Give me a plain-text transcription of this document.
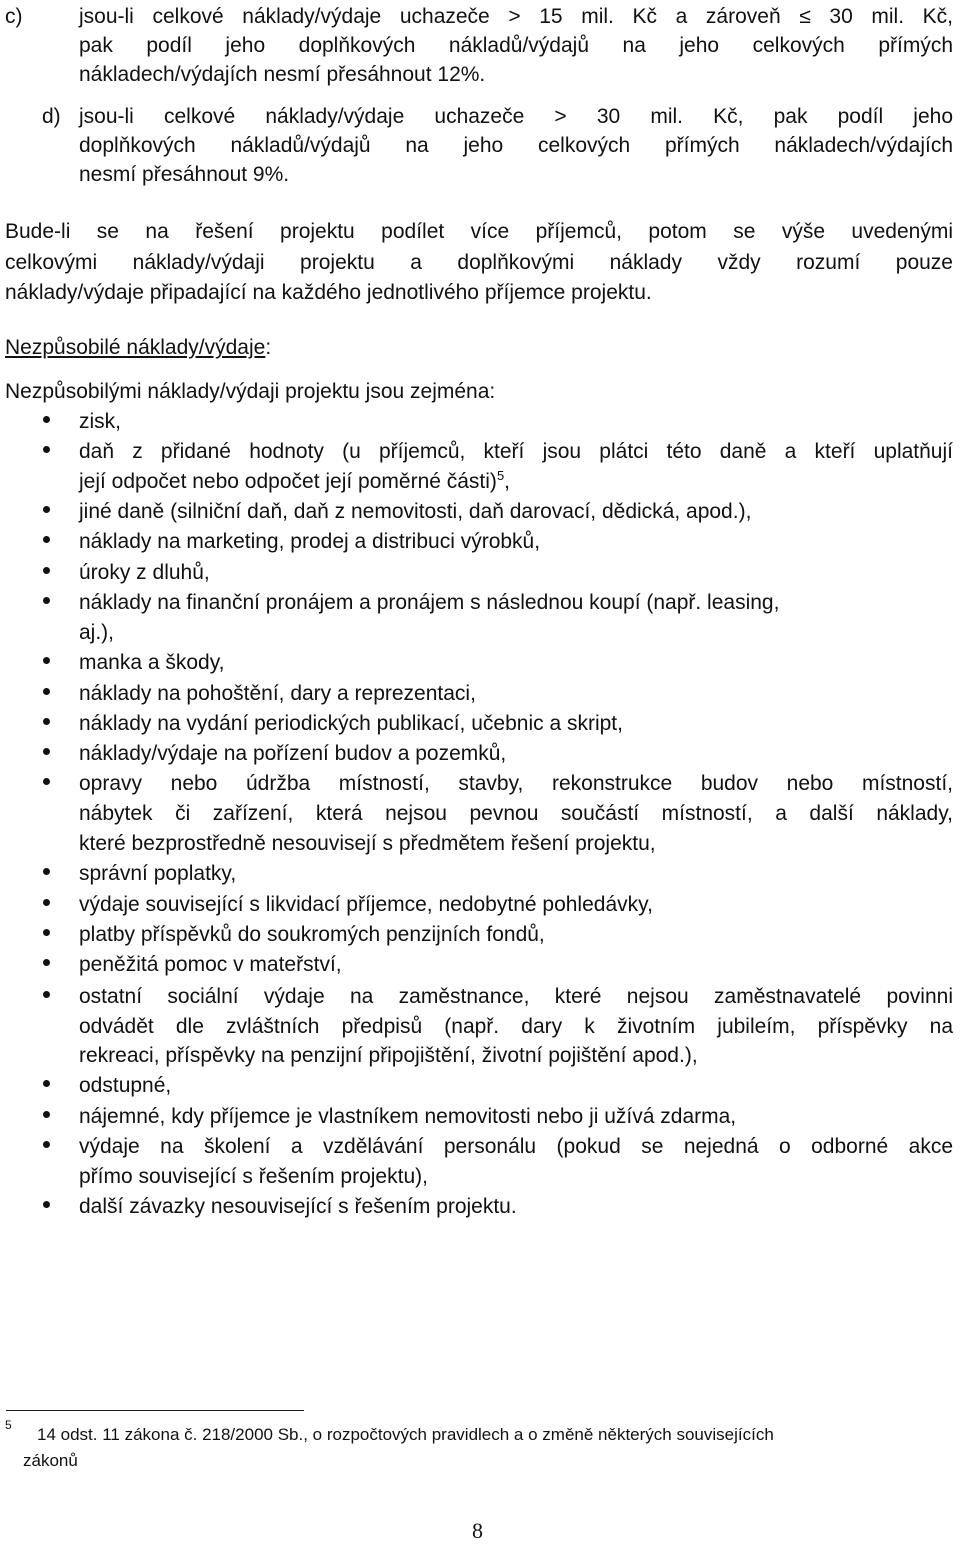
c)	jsou-li celkové náklady/výdaje uchazeče > 15 mil. Kč a zároveň ≤ 30 mil. Kč,
pak podíl jeho doplňkových nákladů/výdajů na jeho celkových přímých
nákladech/výdajích nesmí přesáhnout 12%.
d) jsou-li celkové náklady/výdaje uchazeče > 30 mil. Kč, pak podíl jeho
doplňkových nákladů/výdajů na jeho celkových přímých nákladech/výdajích
nesmí přesáhnout 9%.
Bude-li se na řešení projektu podílet více příjemců, potom se výše uvedenými
celkovými náklady/výdaji projektu a doplňkovými náklady vždy rozumí pouze
náklady/výdaje připadající na každého jednotlivého příjemce projektu.
Nezpůsobilé náklady/výdaje:
Nezpůsobilými náklady/výdaji projektu jsou zejména:
zisk,
daň z přidané hodnoty (u příjemců, kteří jsou plátci této daně a kteří uplatňují
její odpočet nebo odpočet její poměrné části)$^5$,
jiné daně (silniční daň, daň z nemovitosti, daň darovací, dědická, apod.),
náklady na marketing, prodej a distribuci výrobků,
úroky z dluhů,
náklady na finanční pronájem a pronájem s následnou koupí (např. leasing,
aj.),
manka a škody,
náklady na pohoštění, dary a reprezentaci,
náklady na vydání periodických publikací, učebnic a skript,
náklady/výdaje na pořízení budov a pozemků,
opravy nebo údržba místností, stavby, rekonstrukce budov nebo místností,
nábytek či zařízení, která nejsou pevnou součástí místností, a další náklady,
které bezprostředně nesouvisejí s předmětem řešení projektu,
správní poplatky,
výdaje související s likvidací příjemce, nedobytné pohledávky,
platby příspěvků do soukromých penzijních fondů,
peněžitá pomoc v mateřství,
ostatní sociální výdaje na zaměstnance, které nejsou zaměstnavatelé povinni
odvádět dle zvláštních předpisů (např. dary k životním jubileím, příspěvky na
rekreaci, příspěvky na penzijní připojištění, životní pojištění apod.),
odstupné,
nájemné, kdy příjemce je vlastníkem nemovitosti nebo ji užívá zdarma,
výdaje na školení a vzdělávání personálu (pokud se nejedná o odborné akce
přímo související s řešením projektu),
další závazky nesouvisející s řešením projektu.
5 14 odst. 11 zákona č. 218/2000 Sb., o rozpočtových pravidlech a o změně některých souvisejících
zákonů
8
